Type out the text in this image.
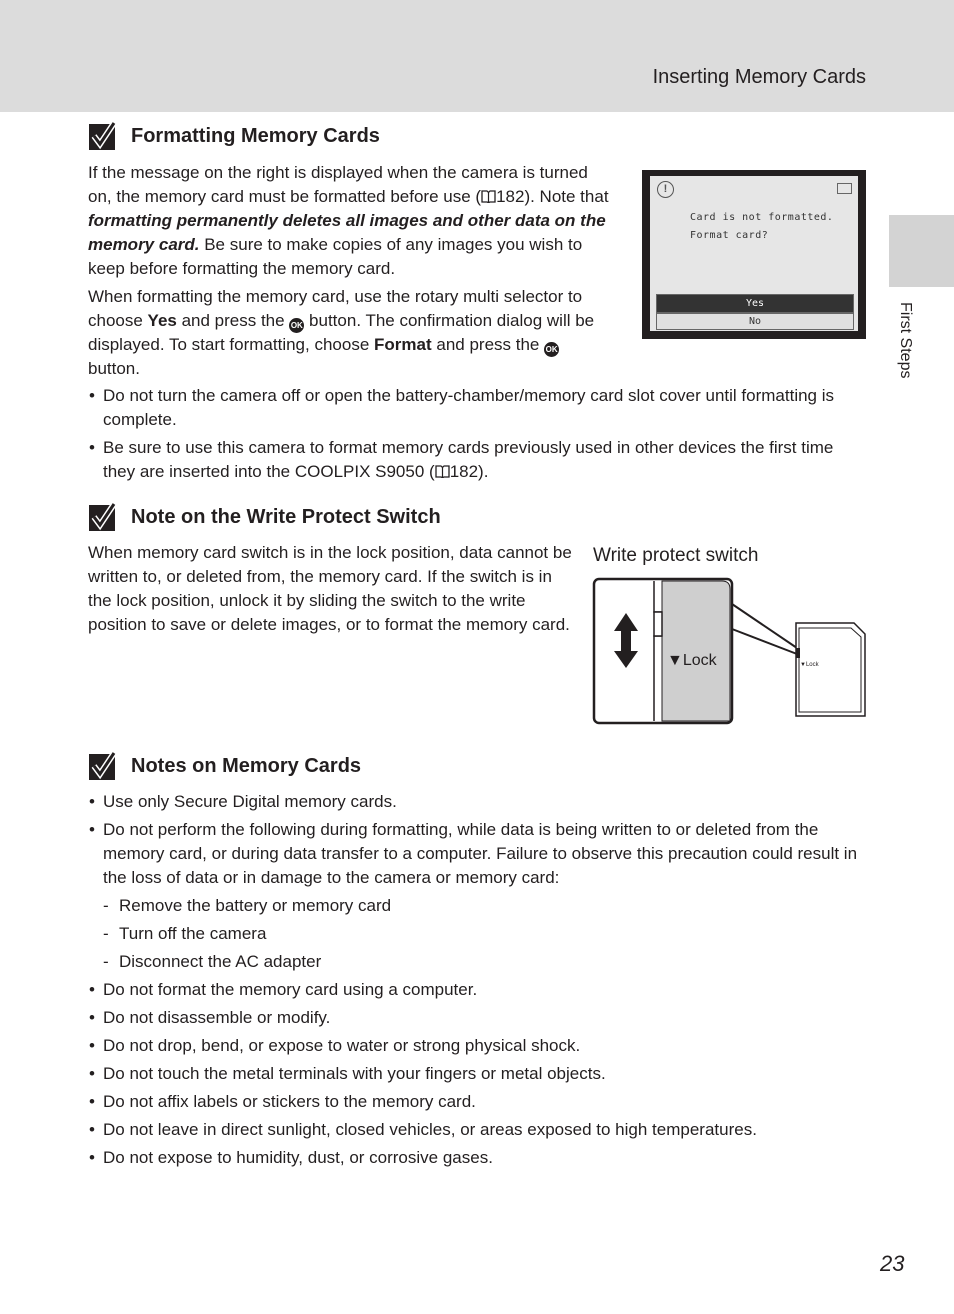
Inserting Memory Cards
First Steps
Formatting Memory Cards

If the message on the right is displayed when the camera is turned on, the memory card must be formatted before use ( 182). Note that formatting permanently deletes all images and other data on the memory card. Be sure to make copies of any images you wish to keep before formatting the memory card.

When formatting the memory card, use the rotary multi selector to choose Yes and press the OK button. The confirmation dialog will be displayed. To start formatting, choose Format and press the OK button.

• Do not turn the camera off or open the battery-chamber/memory card slot cover until formatting is complete.
• Be sure to use this camera to format memory cards previously used in other devices the first time they are inserted into the COOLPIX S9050 ( 182).
!
Card is not formatted.
Format card?
Yes
No
Note on the Write Protect Switch

When memory card switch is in the lock position, data cannot be written to, or deleted from, the memory card. If the switch is in the lock position, unlock it by sliding the switch to the write position to save or delete images, or to format the memory card.

Write protect switch
▼Lock	▼Lock
Notes on Memory Cards
• Use only Secure Digital memory cards.
• Do not perform the following during formatting, while data is being written to or deleted from the memory card, or during data transfer to a computer. Failure to observe this precaution could result in the loss of data or in damage to the camera or memory card:
- Remove the battery or memory card
- Turn off the camera
- Disconnect the AC adapter
• Do not format the memory card using a computer.
• Do not disassemble or modify.
• Do not drop, bend, or expose to water or strong physical shock.
• Do not touch the metal terminals with your fingers or metal objects.
• Do not affix labels or stickers to the memory card.
• Do not leave in direct sunlight, closed vehicles, or areas exposed to high temperatures.
• Do not expose to humidity, dust, or corrosive gases.
23
